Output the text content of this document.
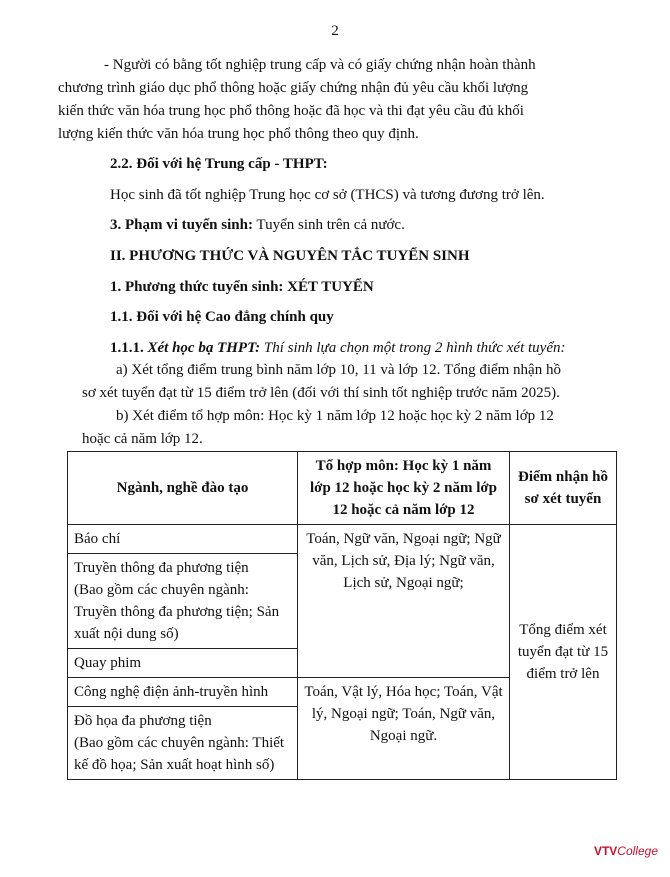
2

- Người có bằng tốt nghiệp trung cấp và có giấy chứng nhận hoàn thành

chương trình giáo dục phổ thông hoặc giấy chứng nhận đủ yêu cầu khối lượng

kiến thức văn hóa trung học phổ thông hoặc đã học và thi đạt yêu cầu đủ khối

lượng kiến thức văn hóa trung học phổ thông theo quy định.

2.2. Đối với hệ Trung cấp - THPT:

Học sinh đã tốt nghiệp Trung học cơ sở (THCS) và tương đương trở lên.

3. Phạm vi tuyển sinh: Tuyển sinh trên cả nước.

II. PHƯƠNG THỨC VÀ NGUYÊN TẮC TUYỂN SINH

1. Phương thức tuyển sinh: XÉT TUYỂN

1.1. Đối với hệ Cao đẳng chính quy

1.1.1. Xét học bạ THPT: Thí sinh lựa chọn một trong 2 hình thức xét tuyển:

a) Xét tổng điểm trung bình năm lớp 10, 11 và lớp 12. Tổng điểm nhận hồ

sơ xét tuyển đạt từ 15 điểm trở lên (đối với thí sinh tốt nghiệp trước năm 2025).

b) Xét điểm tổ hợp môn: Học kỳ 1 năm lớp 12 hoặc học kỳ 2 năm lớp 12

hoặc cả năm lớp 12.

Ngành, nghề đào tạo	Tổ hợp môn: Học kỳ 1 năm lớp 12 hoặc học kỳ 2 năm lớp 12 hoặc cả năm lớp 12	Điểm nhận hồ sơ xét tuyển
Báo chí	Toán, Ngữ văn, Ngoại ngữ; Ngữ văn, Lịch sử, Địa lý; Ngữ văn, Lịch sử, Ngoại ngữ;	Tổng điểm xét tuyển đạt từ 15 điểm trở lên

Truyền thông đa phương tiện
(Bao gồm các chuyên ngành: Truyền thông đa phương tiện; Sản xuất nội dung số)		

Quay phim		
Công nghệ điện ảnh-truyền hình	Toán, Vật lý, Hóa học; Toán, Vật lý, Ngoại ngữ; Toán, Ngữ văn, Ngoại ngữ.	

Đồ họa đa phương tiện
(Bao gồm các chuyên ngành: Thiết kế đồ họa; Sản xuất hoạt hình số)		
VTVCollege
